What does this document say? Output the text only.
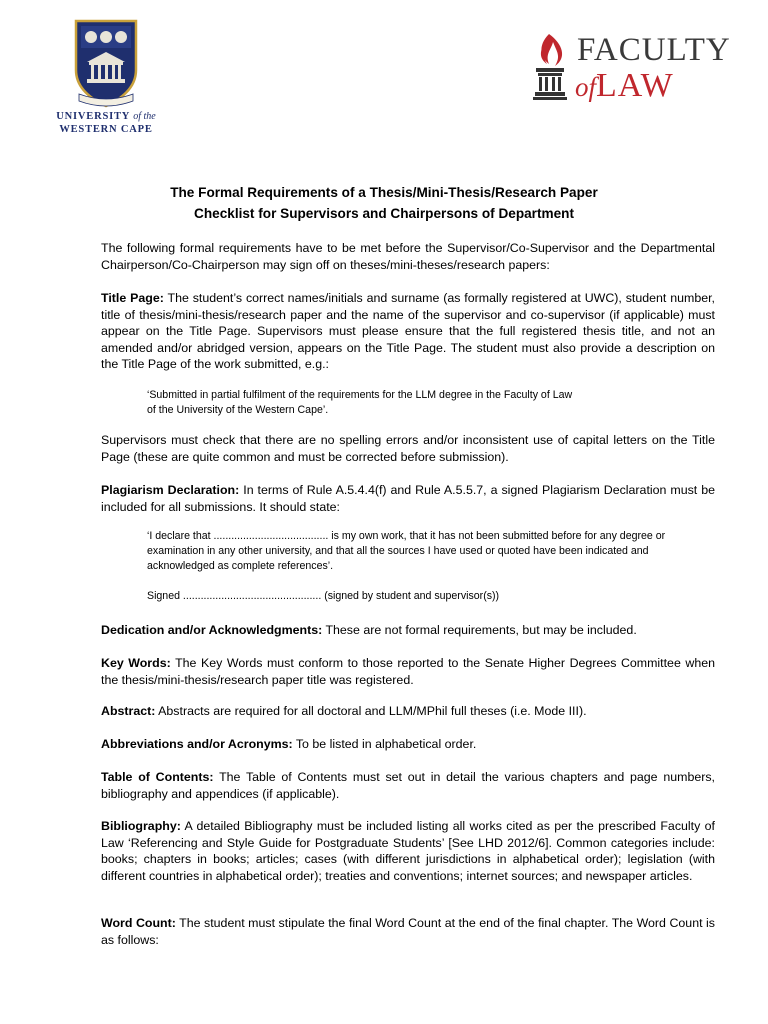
UNIVERSITY of the
WESTERN CAPE
FACULTY
ofLAW
The Formal Requirements of a Thesis/Mini-Thesis/Research Paper
Checklist for Supervisors and Chairpersons of Department
The following formal requirements have to be met before the Supervisor/Co-Supervisor and the Departmental Chairperson/Co-Chairperson may sign off on theses/mini-theses/research papers:
Title Page: The student’s correct names/initials and surname (as formally registered at UWC), student number, title of thesis/mini-thesis/research paper and the name of the supervisor and co-supervisor (if applicable) must appear on the Title Page. Supervisors must please ensure that the full registered thesis title, and not an amended and/or abridged version, appears on the Title Page. The student must also provide a description on the Title Page of the work submitted, e.g.:

‘Submitted in partial fulfilment of the requirements for the LLM degree in the Faculty of Law

of the University of the Western Cape’.

Supervisors must check that there are no spelling errors and/or inconsistent use of capital letters on the Title Page (these are quite common and must be corrected before submission).
Plagiarism Declaration: In terms of Rule A.5.4.4(f) and Rule A.5.5.7, a signed Plagiarism Declaration must be included for all submissions. It should state:

‘I declare that ....................................... is my own work, that it has not been submitted before for any degree or examination in any other university, and that all the sources I have used or quoted have been indicated and acknowledged as complete references’.

Signed ............................................... (signed by student and supervisor(s))

Dedication and/or Acknowledgments: These are not formal requirements, but may be included.
Key Words: The Key Words must conform to those reported to the Senate Higher Degrees Committee when the thesis/mini-thesis/research paper title was registered.
Abstract: Abstracts are required for all doctoral and LLM/MPhil full theses (i.e. Mode III).
Abbreviations and/or Acronyms: To be listed in alphabetical order.
Table of Contents: The Table of Contents must set out in detail the various chapters and page numbers, bibliography and appendices (if applicable).
Bibliography: A detailed Bibliography must be included listing all works cited as per the prescribed Faculty of Law ‘Referencing and Style Guide for Postgraduate Students’ [See LHD 2012/6]. Common categories include: books; chapters in books; articles; cases (with different jurisdictions in alphabetical order); legislation (with different countries in alphabetical order); treaties and conventions; internet sources; and newspaper articles.
Word Count: The student must stipulate the final Word Count at the end of the final chapter. The Word Count is as follows:
